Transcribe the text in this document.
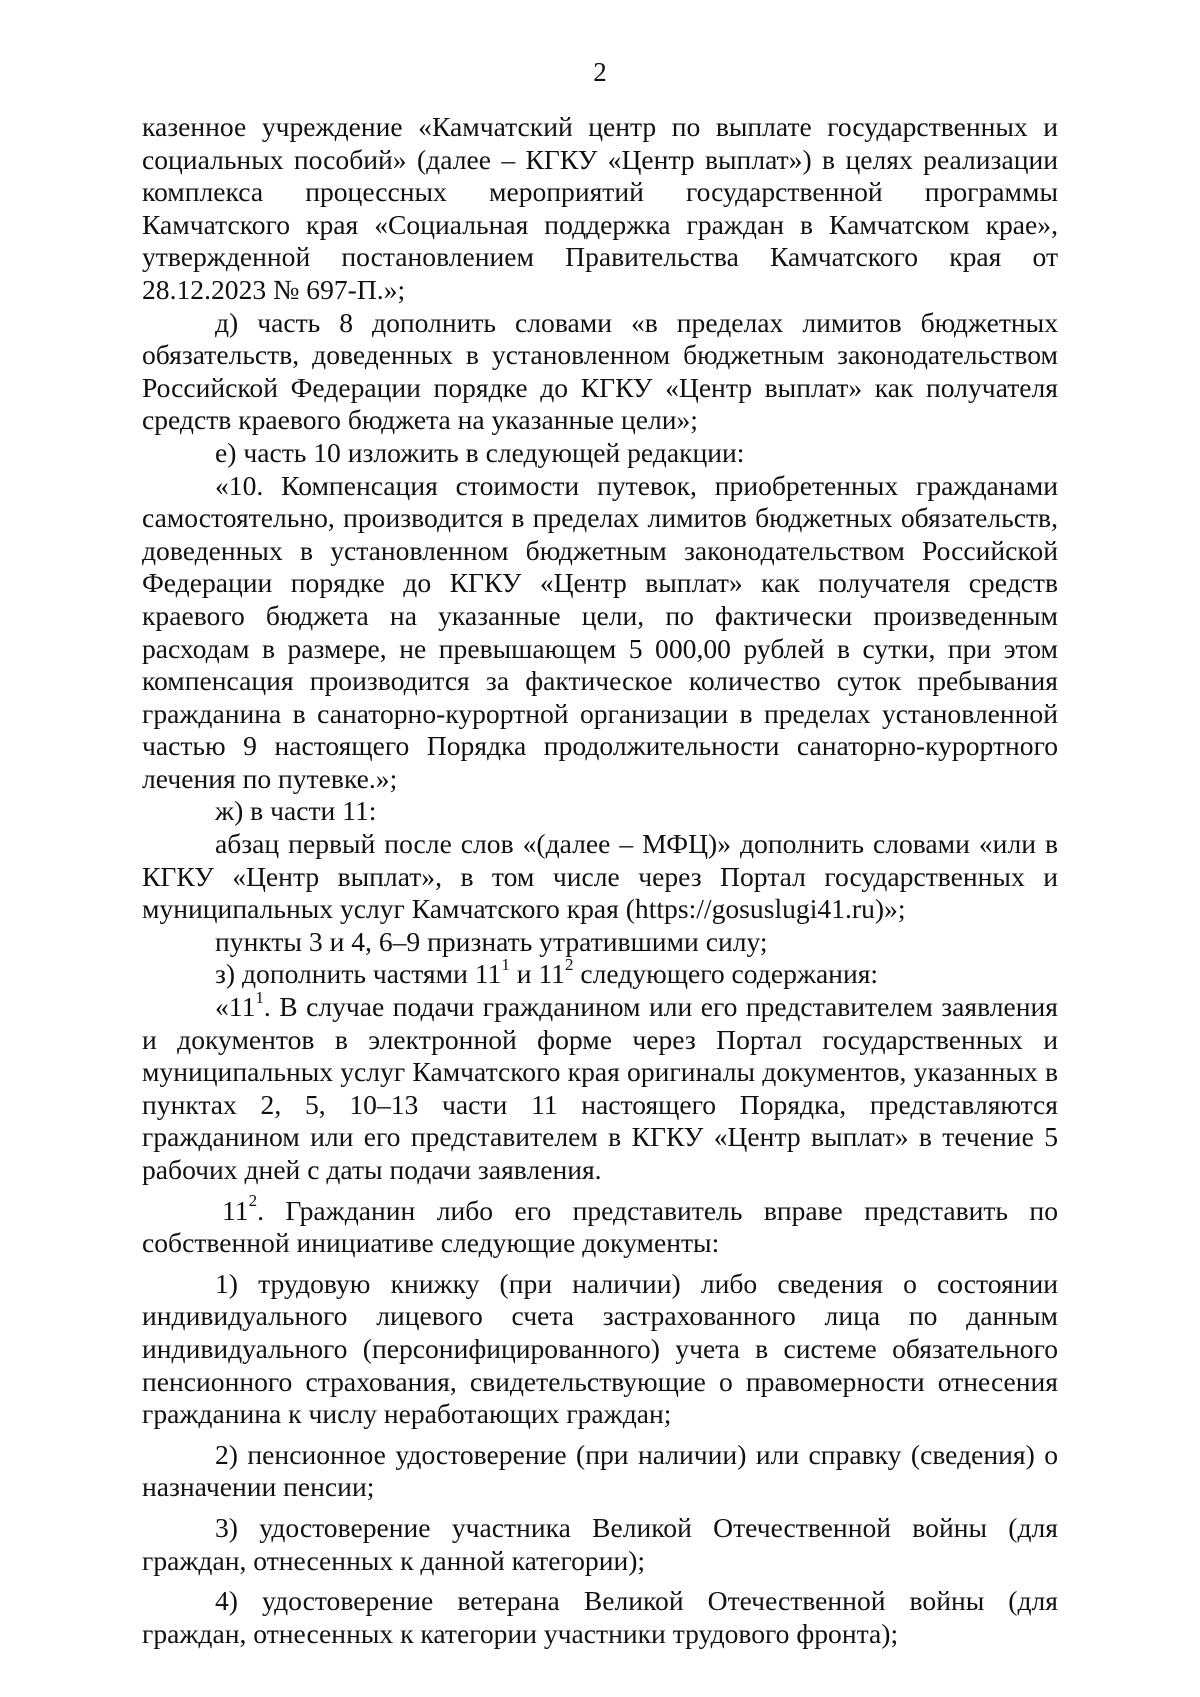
2

казенное учреждение «Камчатский центр по выплате государственных и социальных пособий» (далее – КГКУ «Центр выплат») в целях реализации комплекса процессных мероприятий государственной программы Камчатского края «Социальная поддержка граждан в Камчатском крае», утвержденной постановлением Правительства Камчатского края от 28.12.2023 № 697-П.»;

д) часть 8 дополнить словами «в пределах лимитов бюджетных обязательств, доведенных в установленном бюджетным законодательством Российской Федерации порядке до КГКУ «Центр выплат» как получателя средств краевого бюджета на указанные цели»;

е) часть 10 изложить в следующей редакции:

«10. Компенсация стоимости путевок, приобретенных гражданами самостоятельно, производится в пределах лимитов бюджетных обязательств, доведенных в установленном бюджетным законодательством Российской Федерации порядке до КГКУ «Центр выплат» как получателя средств краевого бюджета на указанные цели, по фактически произведенным расходам в размере, не превышающем 5 000,00 рублей в сутки, при этом компенсация производится за фактическое количество суток пребывания гражданина в санаторно-курортной организации в пределах установленной частью 9 настоящего Порядка продолжительности санаторно-курортного лечения по путевке.»;

ж) в части 11:

абзац первый после слов «(далее – МФЦ)» дополнить словами «или в КГКУ «Центр выплат», в том числе через Портал государственных и муниципальных услуг Камчатского края (https://gosuslugi41.ru)»;

пункты 3 и 4, 6–9 признать утратившими силу;

з) дополнить частями $11^1$ и $11^2$ следующего содержания:

«$11^1$. В случае подачи гражданином или его представителем заявления и документов в электронной форме через Портал государственных и муниципальных услуг Камчатского края оригиналы документов, указанных в пунктах 2, 5, 10–13 части 11 настоящего Порядка, представляются гражданином или его представителем в КГКУ «Центр выплат» в течение 5 рабочих дней с даты подачи заявления.

$11^2$. Гражданин либо его представитель вправе представить по собственной инициативе следующие документы:

1) трудовую книжку (при наличии) либо сведения о состоянии индивидуального лицевого счета застрахованного лица по данным индивидуального (персонифицированного) учета в системе обязательного пенсионного страхования, свидетельствующие о правомерности отнесения гражданина к числу неработающих граждан;

2) пенсионное удостоверение (при наличии) или справку (сведения) о назначении пенсии;

3) удостоверение участника Великой Отечественной войны (для граждан, отнесенных к данной категории);

4) удостоверение ветерана Великой Отечественной войны (для граждан, отнесенных к категории участники трудового фронта);
